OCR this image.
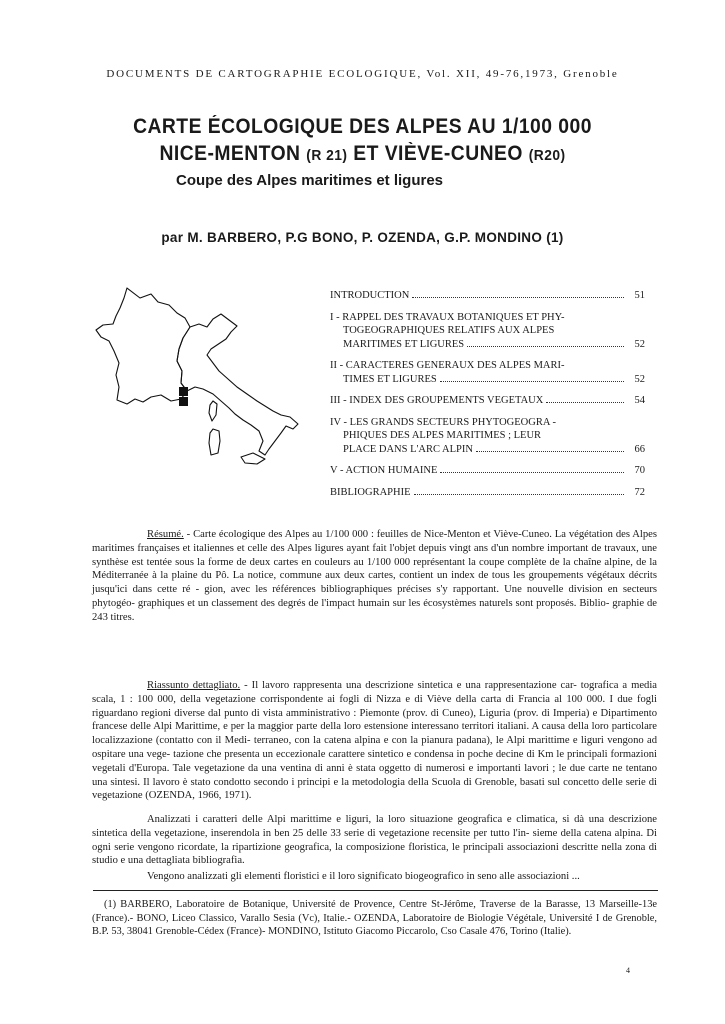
DOCUMENTS DE CARTOGRAPHIE ECOLOGIQUE, Vol. XII, 49-76,1973, Grenoble
CARTE ÉCOLOGIQUE DES ALPES AU 1/100 000
NICE-MENTON (R 21) ET VIÈVE-CUNEO (R20)
Coupe des Alpes maritimes et ligures
par M. BARBERO, P.G BONO, P. OZENDA, G.P. MONDINO (1)
INTRODUCTION	51
I - RAPPEL DES TRAVAUX BOTANIQUES ET PHY-
TOGEOGRAPHIQUES RELATIFS AUX ALPES
MARITIMES ET LIGURES	52
II - CARACTERES GENERAUX DES ALPES MARI-
TIMES ET LIGURES	52
III - INDEX DES GROUPEMENTS VEGETAUX	54
IV - LES GRANDS SECTEURS PHYTOGEOGRA -
PHIQUES DES ALPES MARITIMES ; LEUR
PLACE DANS L'ARC ALPIN	66
V - ACTION HUMAINE	70
BIBLIOGRAPHIE	72
Résumé. - Carte écologique des Alpes au 1/100 000 : feuilles de Nice-Menton et Vièvе-Cuneo. La végétation des Alpes maritimes françaises et italiennes et celle des Alpes ligures ayant fait l'objet depuis vingt ans d'un nombre important de travaux, une synthèse est tentée sous la forme de deux cartes en couleurs au 1/100 000 représentant la coupe complète de la chaîne alpine, de la Méditerranée à la plaine du Pô. La notice, commune aux deux cartes, contient un index de tous les groupements végétaux décrits jusqu'ici dans cette ré - gion, avec les références bibliographiques précises s'y rapportant. Une nouvelle division en secteurs phytogéo- graphiques et un classement des degrés de l'impact humain sur les écosystèmes naturels sont proposés. Biblio- graphie de 243 titres.
Riassunto dettagliato. - Il lavoro rappresenta una descrizione sintetica e una rappresentazione car- tografica a media scala, 1 : 100 000, della vegetazione corrispondente ai fogli di Nizza e di Vièvе della carta di Francia al 100 000. I due fogli riguardano regioni diverse dal punto di vista amministrativo : Piemonte (prov. di Cuneo), Liguria (prov. di Imperia) e Dipartimento francese delle Alpi Marittime, e per la maggior parte della loro estensione interessano territori italiani. A causa della loro particolare localizzazione (contatto con il Medi- terraneo, con la catena alpina e con la pianura padana), le Alpi marittime e liguri vengono ad ospitare una vege- tazione che presenta un eccezionale carattere sintetico e condensa in poche decine di Km le principali formazioni vegetali d'Europa. Tale vegetazione da una ventina di anni è stata oggetto di numerosi e importanti lavori ; le due carte ne tentano una sintesi. Il lavoro è stato condotto secondo i principi e la metodologia della Scuola di Grenoble, basati sul concetto delle serie di vegetazione (OZENDA, 1966, 1971).
Analizzati i caratteri delle Alpi marittime e liguri, la loro situazione geografica e climatica, si dà una descrizione sintetica della vegetazione, inserendola in ben 25 delle 33 serie di vegetazione recensite per tutto l'in- sieme della catena alpina. Di ogni serie vengono ricordate, la ripartizione geografica, la composizione floristica, le principali associazioni descritte nella zona di studio e una dettagliata bibliografia.
Vengono analizzati gli elementi floristici e il loro significato biogeografico in seno alle associazioni ...
(1) BARBERO, Laboratoire de Botanique, Université de Provence, Centre St-Jérôme, Traverse de la Barasse, 13 Marseille-13e (France).- BONO, Liceo Classico, Varallo Sesia (Vc), Italie.- OZENDA, Laboratoire de Biologie Végétale, Université I de Grenoble, B.P. 53, 38041 Grenoble-Cédex (France)- MONDINO, Istituto Giacomo Piccarolo, Cso Casale 476, Torino (Italie).
4
